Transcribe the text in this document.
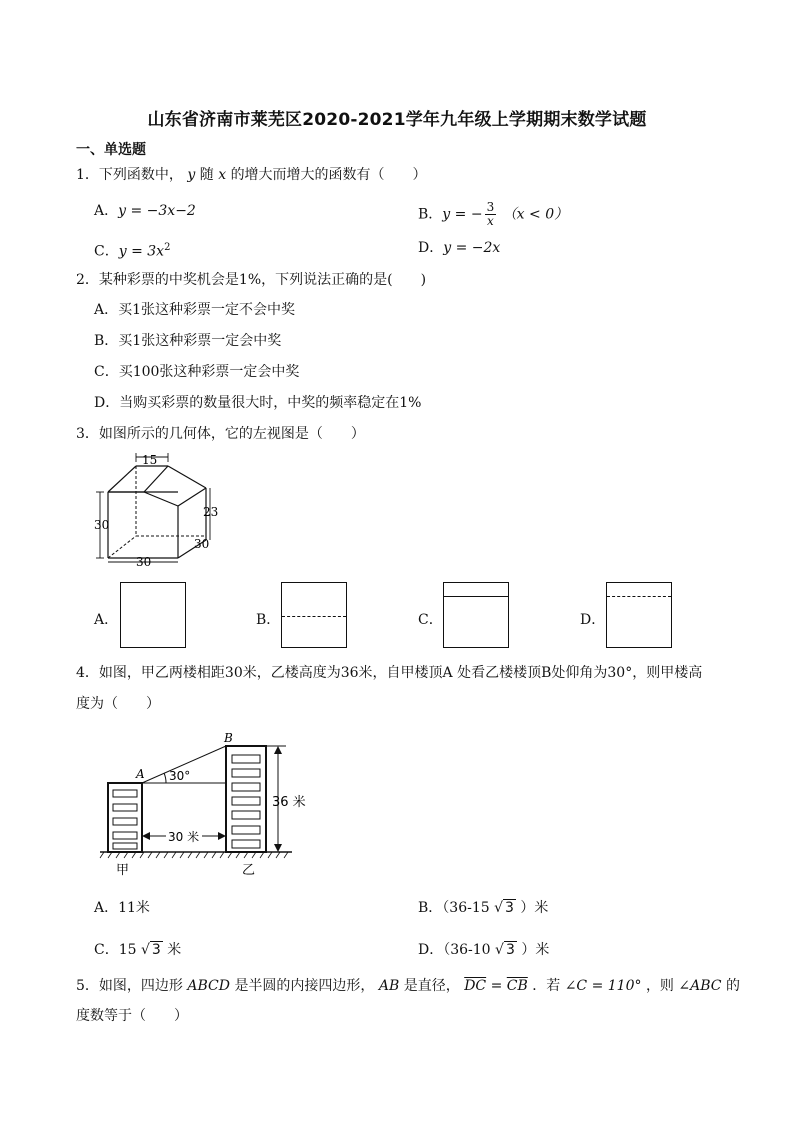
山东省济南市莱芜区2020-2021学年九年级上学期期末数学试题
一、单选题
1．下列函数中， y 随 x 的增大而增大的函数有（　　）
A．y = −3x−2	B．y = − $\frac{3}{x} (x < 0)$
C．$y = 3x^2$	D．y = −2x
2．某种彩票的中奖机会是1%，下列说法正确的是(　　)
A．买1张这种彩票一定不会中奖
B．买1张这种彩票一定会中奖
C．买100张这种彩票一定会中奖
D．当购买彩票的数量很大时，中奖的频率稳定在1%
3．如图所示的几何体，它的左视图是（　　）
15
23
30
30
30
A．	B．	C．	D．
4．如图，甲乙两楼相距30米，乙楼高度为36米，自甲楼顶A 处看乙楼楼顶B处仰角为30°，则甲楼高
度为（　　）
B
A 30°
36 米
30 米
甲	乙
A．11米	B．（36-15 √ 3 ）米
C．15 √ 3 米	D．（36-10 √ 3 ）米
5．如图，四边形 ABCD 是半圆的内接四边形， AB 是直径， $\overline{DC} = \overline{CB}$ ．若 ∠C = 110° ，则 ∠ABC 的
度数等于（　　）
